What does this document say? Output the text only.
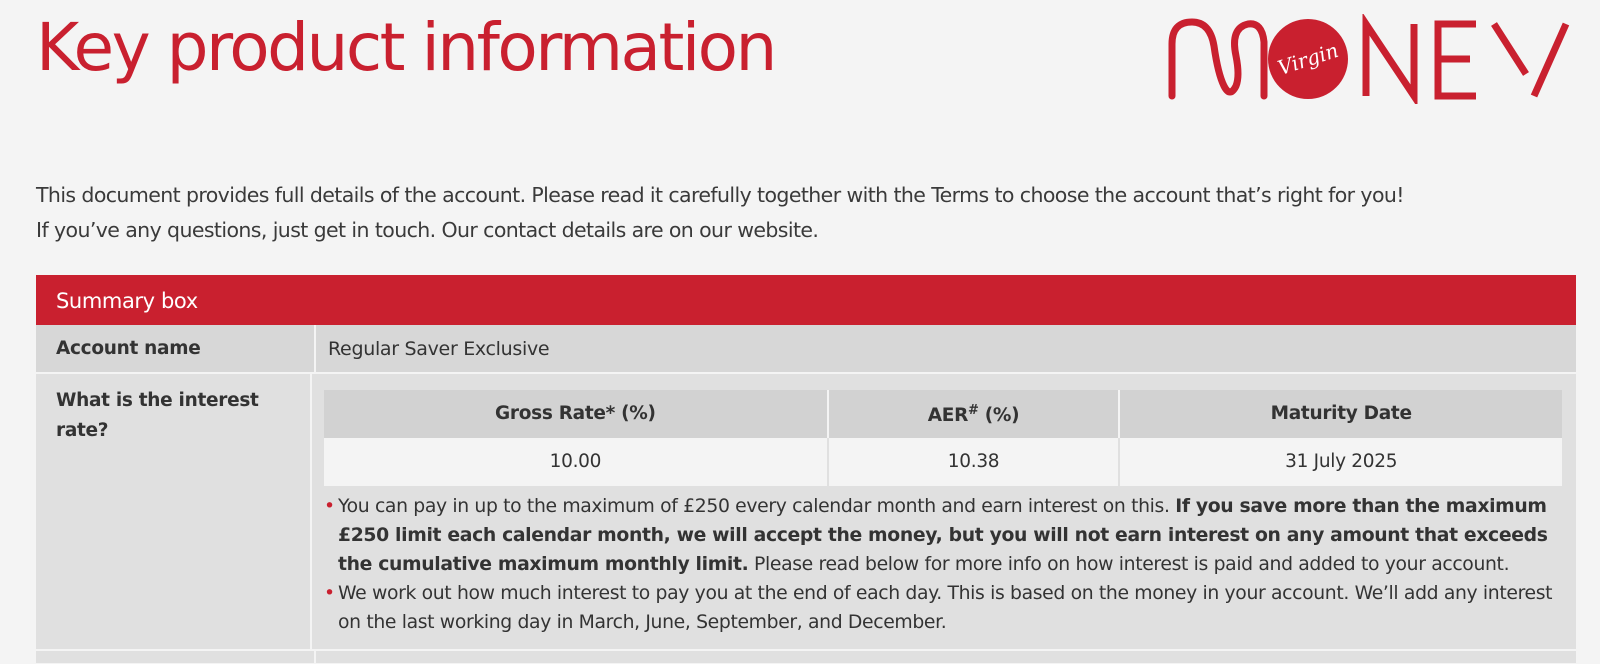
Key product information	Virgin
This document provides full details of the account. Please read it carefully together with the Terms to choose the account that’s right for you!
If you’ve any questions, just get in touch. Our contact details are on our website.
Summary box
Account name	Regular Saver Exclusive
What is the interest rate?
Gross Rate* (%)	AER# (%)	Maturity Date
10.00	10.38	31 July 2025
• You can pay in up to the maximum of £250 every calendar month and earn interest on this. If you save more than the maximum £250 limit each calendar month, we will accept the money, but you will not earn interest on any amount that exceeds the cumulative maximum monthly limit. Please read below for more info on how interest is paid and added to your account.
• We work out how much interest to pay you at the end of each day. This is based on the money in your account. We’ll add any interest on the last working day in March, June, September, and December.
